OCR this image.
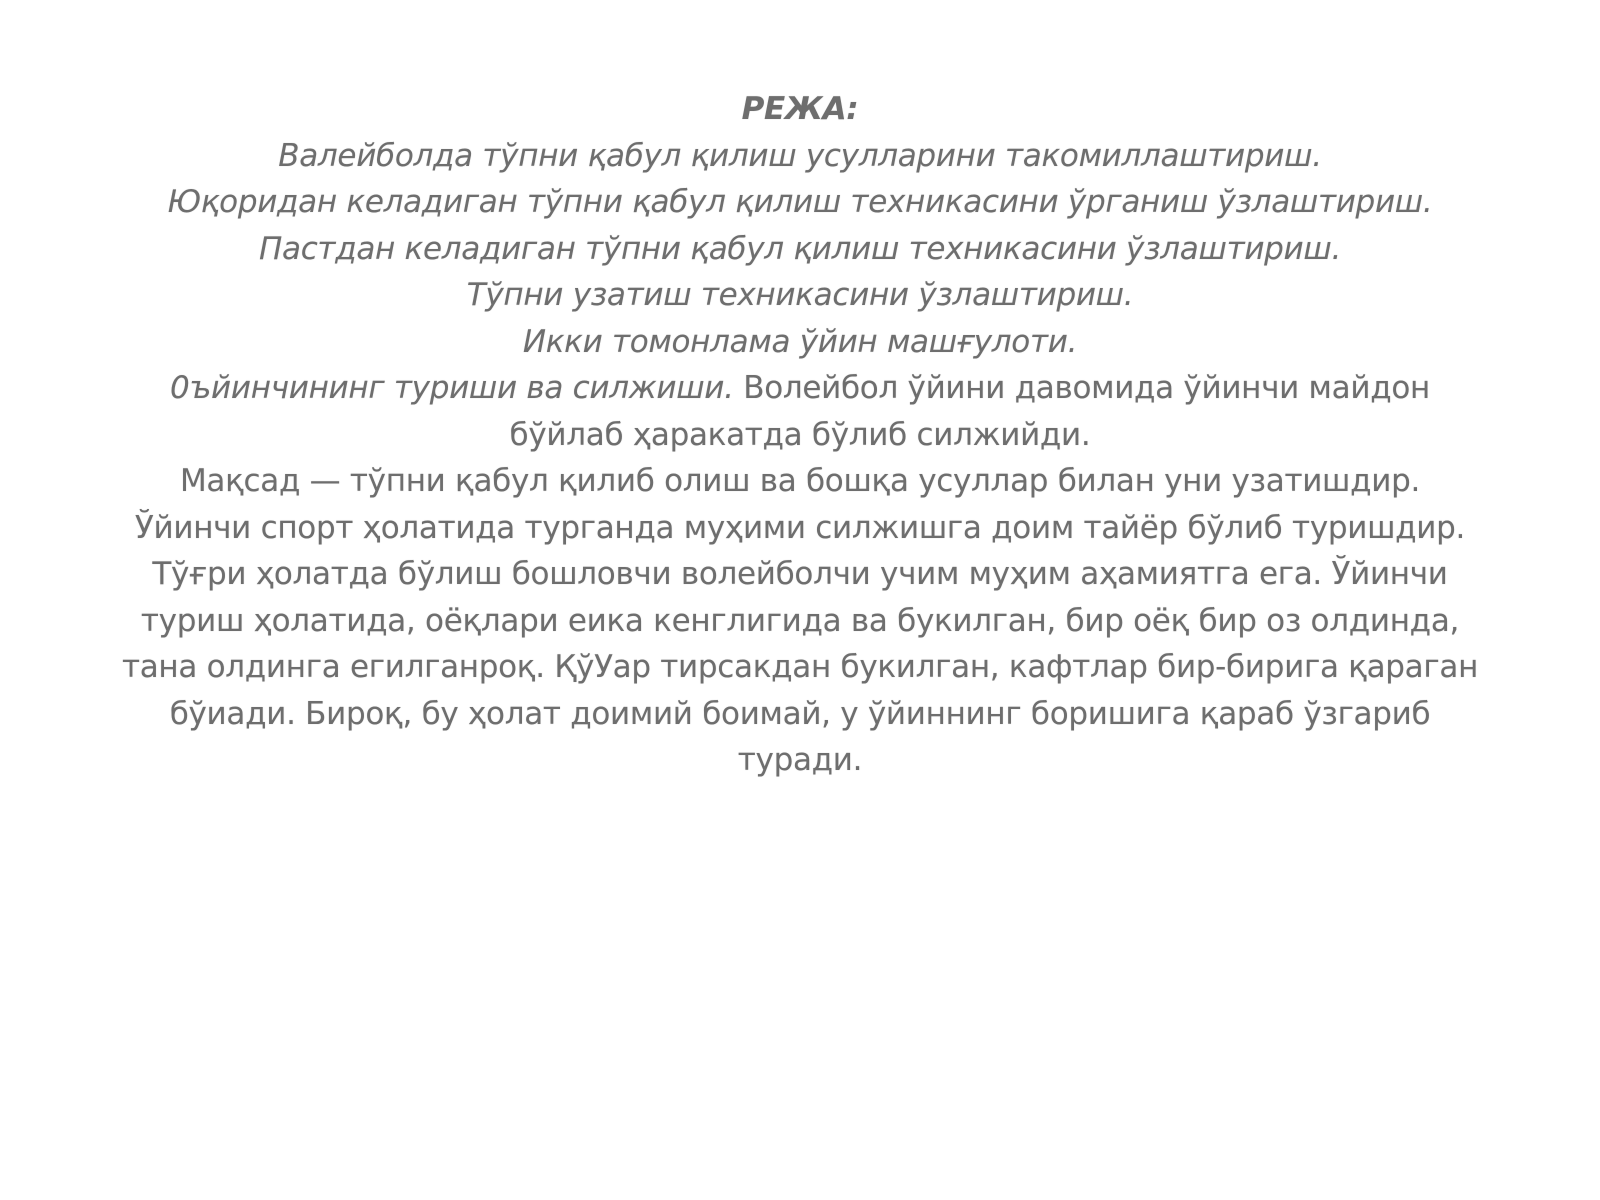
РЕЖА:
Валейболда тўпни қабул қилиш усулларини такомиллаштириш.
Юқоридан келадиган тўпни қабул қилиш техникасини ўрганиш ўзлаштириш.
Пастдан келадиган тўпни қабул қилиш техникасини ўзлаштириш.
Тўпни узатиш техникасини ўзлаштириш.
Икки томонлама ўйин машғулоти.

0ъйинчининг туриши ва силжиши. Волейбол ўйини давомида ўйинчи майдон бўйлаб ҳаракатда бўлиб силжийди.

Мақсад — тўпни қабул қилиб олиш ва бошқа усуллар билан уни узатишдир.

Ўйинчи спорт ҳолатида турганда муҳими силжишга доим тайёр бўлиб туришдир.

Тўғри ҳолатда бўлиш бошловчи волейболчи учим муҳим аҳамиятга ега. Ўйинчи туриш ҳолатида, оёқлари еика кенглигида ва букилган, бир оёқ бир оз олдинда, тана олдинга егилганроқ. ҚўУар тирсакдан букилган, кафтлар бир-бирига қараган бўиади. Бироқ, бу ҳолат доимий боимай, у ўйиннинг боришига қараб ўзгариб туради.
